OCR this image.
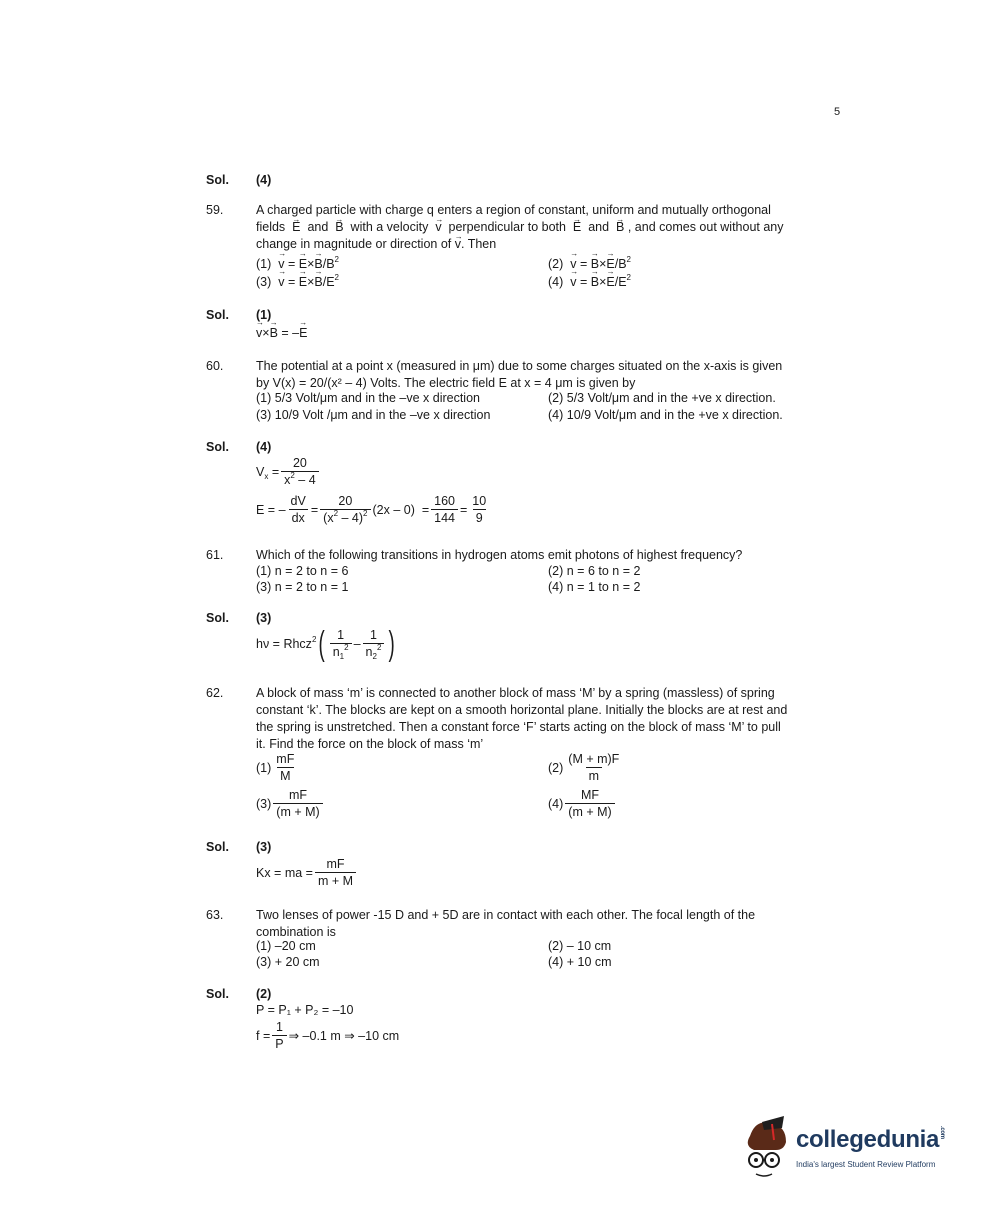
5
Sol. (4)
59.	A charged particle with charge q enters a region of constant, uniform and mutually orthogonal
fields → E and → B with a velocity → v perpendicular to both → E and → B , and comes out without any
change in magnitude or direction of → v. Then
(1) → v = → $E\times\to B/B^2$	(2) → v = → $B\times\to E/B^2$
(3) → v = → $E\times\to B/E^2$	(4) → v = → $B\times\to E/E^2$
Sol. (1)
→ v×→ B = –→ E
60.	The potential at a point x (measured in μm) due to some charges situated on the x-axis is given
by V(x) = 20/(x² – 4) Volts. The electric field E at x = 4 μm is given by
(1) 5/3 Volt/μm and in the –ve x direction	(2) 5/3 Volt/μm and in the +ve x direction.
(3) 10/9 Volt /μm and in the –ve x direction	(4) 10/9 Volt/μm and in the +ve x direction.
Sol. (4)
$V_x = \frac{20}{x^2 - 4}$
E = – $\frac{dV}{dx} = \frac{20}{(x^2 - 4)^2} (2x - 0) = \frac{160}{144} = \frac{10}{9}$
61.	Which of the following transitions in hydrogen atoms emit photons of highest frequency?
(1) n = 2 to n = 6	(2) n = 6 to n = 2
(3) n = 2 to n = 1	(4) n = 1 to n = 2
Sol. (3)
hν = Rhcz$^2$ ( $\frac{1}{n_1^2} - \frac{1}{n_2^2}$ )
62.	A block of mass ‘m’ is connected to another block of mass ‘M’ by a spring (massless) of spring
constant ‘k’. The blocks are kept on a smooth horizontal plane. Initially the blocks are at rest and
the spring is unstretched. Then a constant force ‘F’ starts acting on the block of mass ‘M’ to pull
it. Find the force on the block of mass ‘m’
$(1) \frac{mF}{M}$	$(2) \frac{(M + m)F}{m}$
$(3) \frac{mF}{(m + M)}$	$(4) \frac{MF}{(m + M)}$
Sol. (3)
Kx = ma = $\frac{mF}{m + M}$
63.	Two lenses of power -15 D and + 5D are in contact with each other. The focal length of the
combination is
(1) –20 cm	(2) – 10 cm
(3) + 20 cm	(4) + 10 cm
Sol. (2)
P = P₁ + P₂ = –10
$f = \frac{1}{P}$ ⇒ –0.1 m ⇒ –10 cm
collegedunia.com
India's largest Student Review Platform
